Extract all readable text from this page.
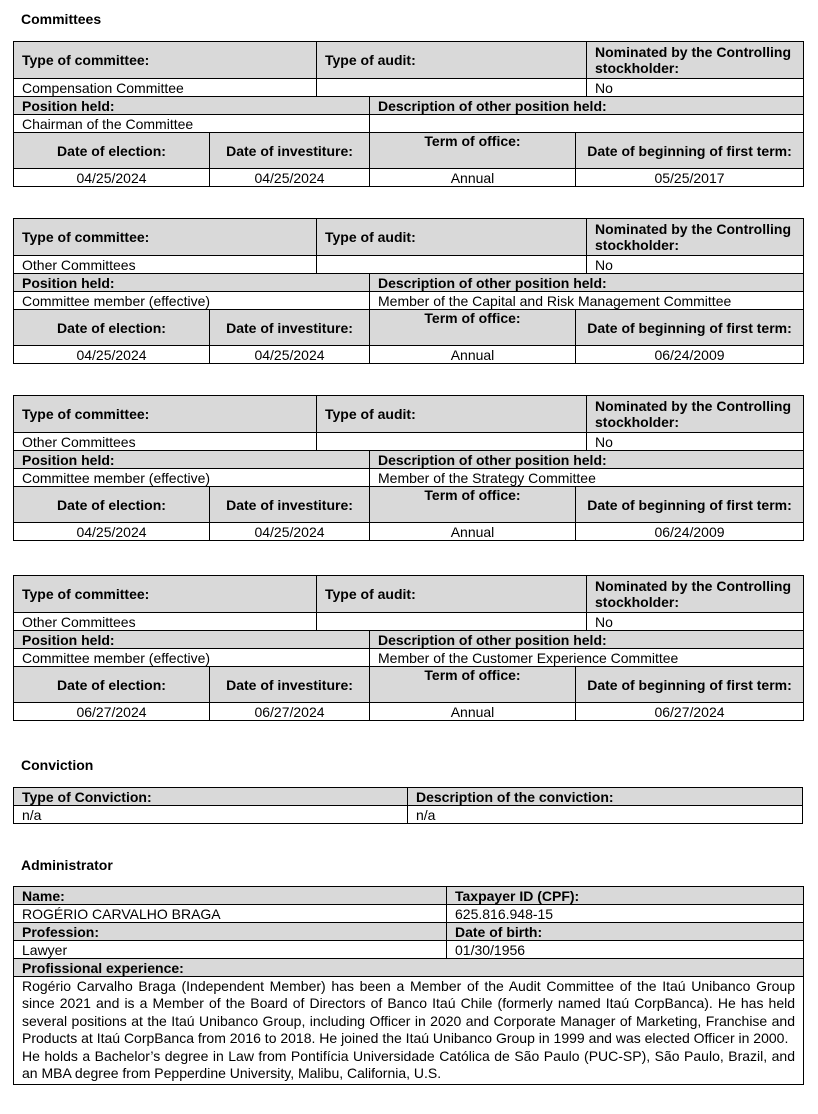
Committees
Type of committee:		Type of audit:			Nominated by the Controlling stockholder:
Compensation Committee					No
Position held:			Description of other position held:		
Chairman of the Committee					
Date of election:	Date of investiture:		Term of office:	Date of beginning of first term:	
04/25/2024	04/25/2024		Annual	05/25/2017	
Type of committee:		Type of audit:			Nominated by the Controlling stockholder:
Other Committees					No
Position held:			Description of other position held:		
Committee member (effective)			Member of the Capital and Risk Management Committee		
Date of election:	Date of investiture:		Term of office:	Date of beginning of first term:	
04/25/2024	04/25/2024		Annual	06/24/2009	
Type of committee:		Type of audit:			Nominated by the Controlling stockholder:
Other Committees					No
Position held:			Description of other position held:		
Committee member (effective)			Member of the Strategy Committee		
Date of election:	Date of investiture:		Term of office:	Date of beginning of first term:	
04/25/2024	04/25/2024		Annual	06/24/2009	
Type of committee:		Type of audit:			Nominated by the Controlling stockholder:
Other Committees					No
Position held:			Description of other position held:		
Committee member (effective)			Member of the Customer Experience Committee		
Date of election:	Date of investiture:		Term of office:	Date of beginning of first term:	
06/27/2024	06/27/2024		Annual	06/27/2024	
Conviction
Type of Conviction:	Description of the conviction:
n/a	n/a
Administrator
Name:	Taxpayer ID (CPF):
ROGÉRIO CARVALHO BRAGA	625.816.948-15
Profession:	Date of birth:
Lawyer	01/30/1956
Profissional experience:	

Rogério Carvalho Braga (Independent Member) has been a Member of the Audit Committee of the Itaú Unibanco Group since 2021 and is a Member of the Board of Directors of Banco Itaú Chile (formerly named Itaú CorpBanca). He has held several positions at the Itaú Unibanco Group, including Officer in 2020 and Corporate Manager of Marketing, Franchise and Products at Itaú CorpBanca from 2016 to 2018. He joined the Itaú Unibanco Group in 1999 and was elected Officer in 2000.
He holds a Bachelor’s degree in Law from Pontifícia Universidade Católica de São Paulo (PUC-SP), São Paulo, Brazil, and an MBA degree from Pepperdine University, Malibu, California, U.S.	
